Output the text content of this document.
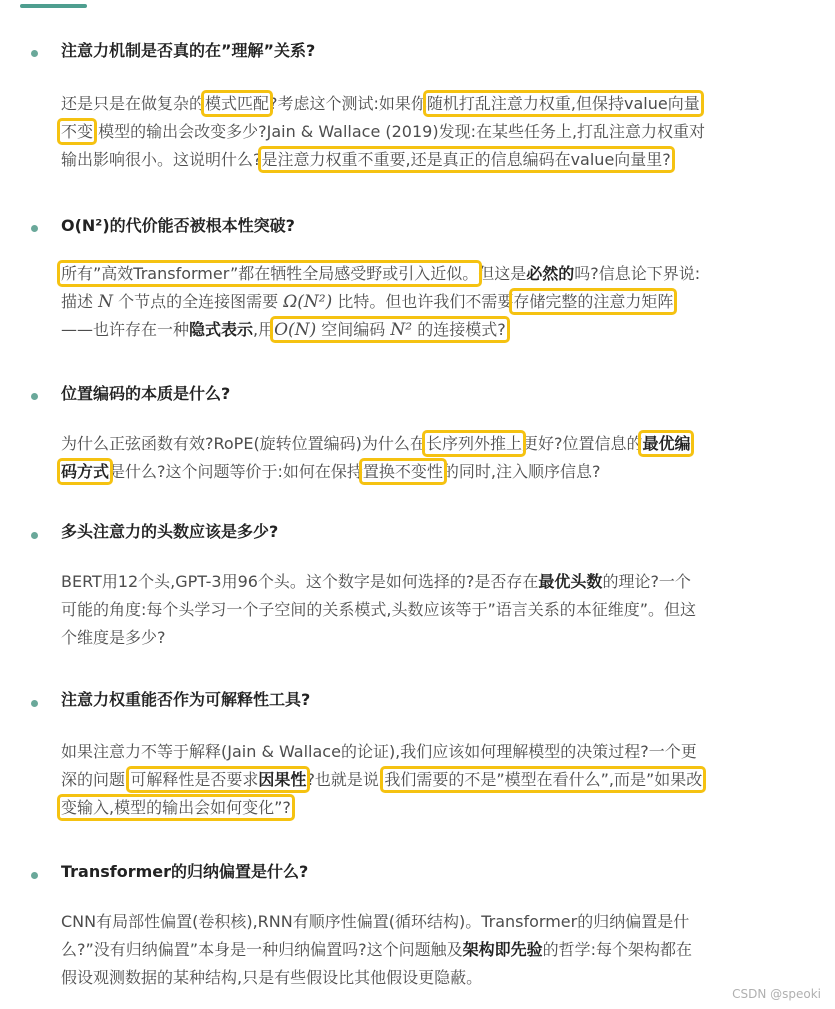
注意力机制是否真的在”理解”关系?
还是只是在做复杂的模式匹配?考虑这个测试:如果你随机打乱注意力权重,但保持value向量
不变,模型的输出会改变多少?Jain & Wallace (2019)发现:在某些任务上,打乱注意力权重对
输出影响很小。这说明什么?是注意力权重不重要,还是真正的信息编码在value向量里?
O(N²)的代价能否被根本性突破?
所有”高效Transformer”都在牺牲全局感受野或引入近似。但这是必然的吗?信息论下界说:
描述 N 个节点的全连接图需要 Ω(N²) 比特。但也许我们不需要存储完整的注意力矩阵
——也许存在一种隐式表示,用O(N) 空间编码 N² 的连接模式?
位置编码的本质是什么?
为什么正弦函数有效?RoPE(旋转位置编码)为什么在长序列外推上更好?位置信息的最优编
码方式是什么?这个问题等价于:如何在保持置换不变性的同时,注入顺序信息?
多头注意力的头数应该是多少?
BERT用12个头,GPT-3用96个头。这个数字是如何选择的?是否存在最优头数的理论?一个
可能的角度:每个头学习一个子空间的关系模式,头数应该等于”语言关系的本征维度”。但这
个维度是多少?
注意力权重能否作为可解释性工具?
如果注意力不等于解释(Jain & Wallace的论证),我们应该如何理解模型的决策过程?一个更
深的问题:可解释性是否要求因果性?也就是说:我们需要的不是”模型在看什么”,而是”如果改
变输入,模型的输出会如何变化”?
Transformer的归纳偏置是什么?
CNN有局部性偏置(卷积核),RNN有顺序性偏置(循环结构)。Transformer的归纳偏置是什
么?”没有归纳偏置”本身是一种归纳偏置吗?这个问题触及架构即先验的哲学:每个架构都在
假设观测数据的某种结构,只是有些假设比其他假设更隐蔽。
CSDN @speoki
